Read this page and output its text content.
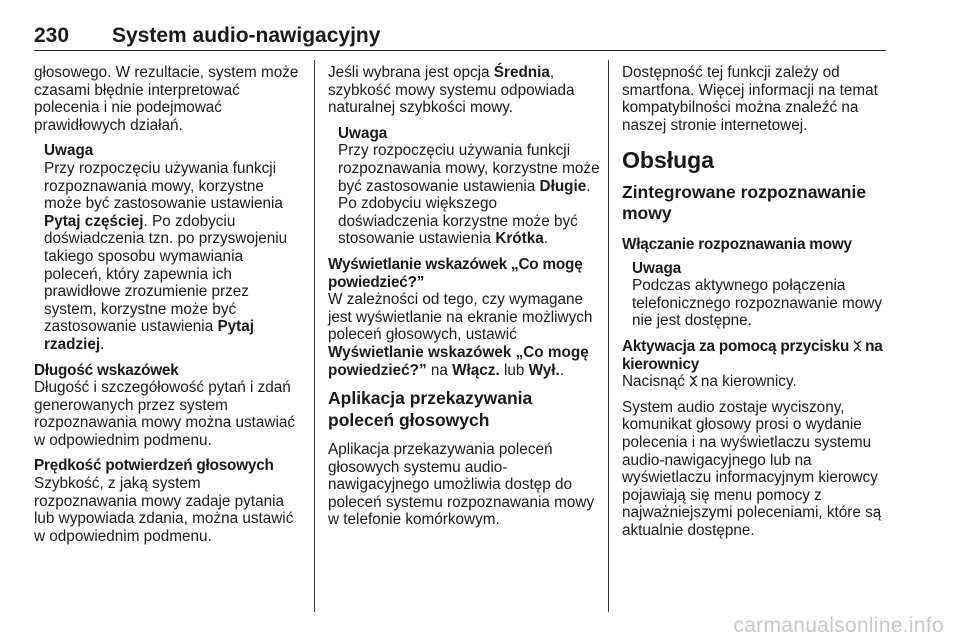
230 System audio-nawigacyjny

głosowego. W rezultacie, system może czasami błędnie interpretować polecenia i nie podejmować prawidłowych działań.

Uwaga
Przy rozpoczęciu używania funkcji rozpoznawania mowy, korzystne może być zastosowanie ustawienia Pytaj częściej. Po zdobyciu doświadczenia tzn. po przyswojeniu takiego sposobu wymawiania poleceń, który zapewnia ich prawidłowe zrozumienie przez system, korzystne może być zastosowanie ustawienia Pytaj rzadziej.
Długość wskazówek

Długość i szczegółowość pytań i zdań generowanych przez system rozpoznawania mowy można ustawiać w odpowiednim podmenu.

Prędkość potwierdzeń głosowych

Szybkość, z jaką system rozpoznawania mowy zadaje pytania lub wypowiada zdania, można ustawić w odpowiednim podmenu.

Jeśli wybrana jest opcja Średnia, szybkość mowy systemu odpowiada naturalnej szybkości mowy.

Uwaga
Przy rozpoczęciu używania funkcji rozpoznawania mowy, korzystne może być zastosowanie ustawienia Długie. Po zdobyciu większego doświadczenia korzystne może być stosowanie ustawienia Krótka.
Wyświetlanie wskazówek „Co mogę powiedzieć?”

W zależności od tego, czy wymagane jest wyświetlanie na ekranie możliwych poleceń głosowych, ustawić Wyświetlanie wskazówek „Co mogę powiedzieć?” na Włącz. lub Wył..

Aplikacja przekazywania poleceń głosowych

Aplikacja przekazywania poleceń głosowych systemu audio-nawigacyjnego umożliwia dostęp do poleceń systemu rozpoznawania mowy w telefonie komórkowym.

Dostępność tej funkcji zależy od smartfona. Więcej informacji na temat kompatybilności można znaleźć na naszej stronie internetowej.

Obsługa
Zintegrowane rozpoznawanie mowy
Włączanie rozpoznawania mowy
Uwaga
Podczas aktywnego połączenia telefonicznego rozpoznawanie mowy nie jest dostępne.
Aktywacja za pomocą przycisku na kierownicy

Nacisnąć na kierownicy.

System audio zostaje wyciszony, komunikat głosowy prosi o wydanie polecenia i na wyświetlaczu systemu audio-nawigacyjnego lub na wyświetlaczu informacyjnym kierowcy pojawiają się menu pomocy z najważniejszymi poleceniami, które są aktualnie dostępne.

carmanualsonline.info
